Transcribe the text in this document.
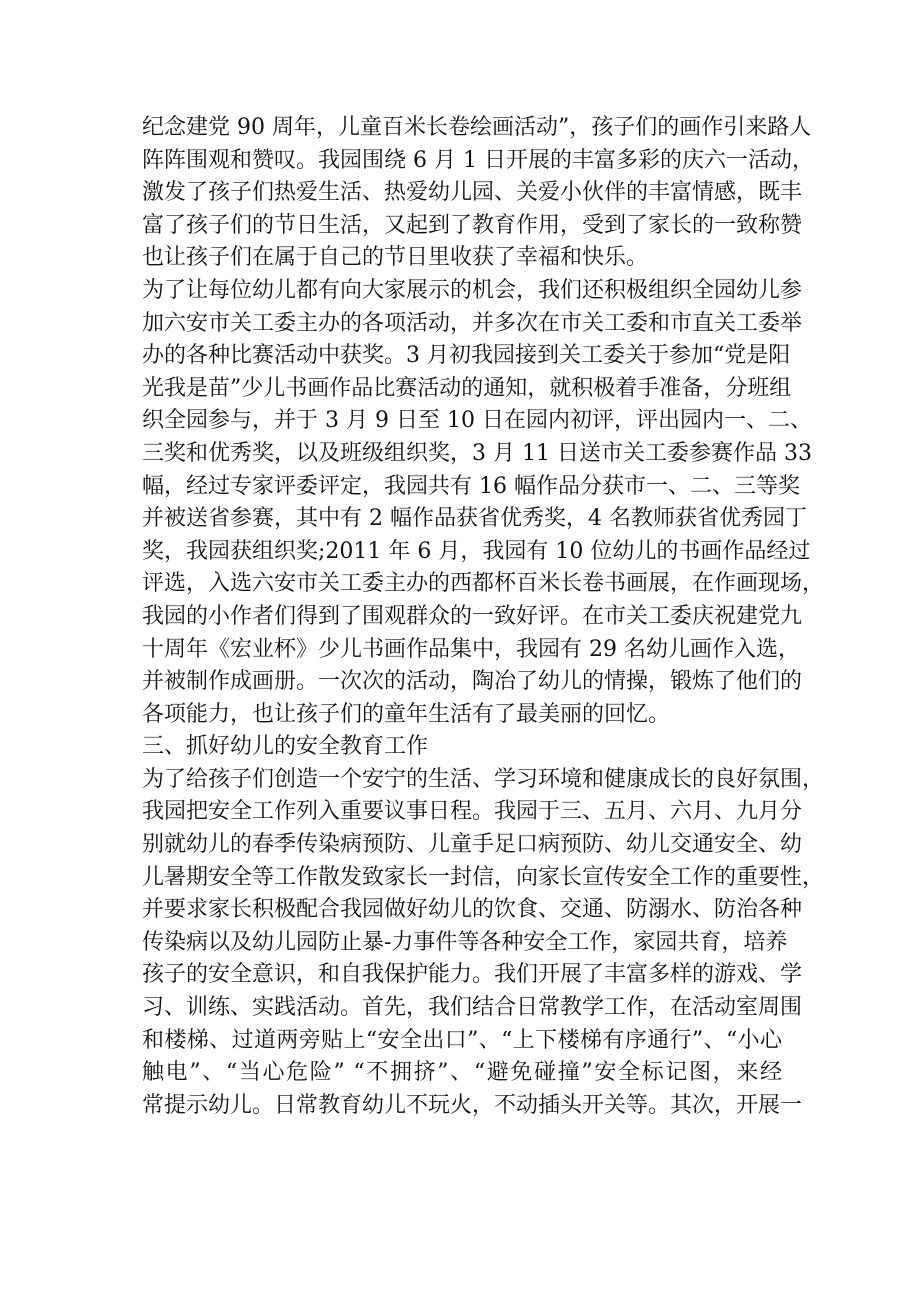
纪念建党 90 周年，儿童百米长卷绘画活动”，孩子们的画作引来路人
阵阵围观和赞叹。我园围绕 6 月 1 日开展的丰富多彩的庆六一活动，
激发了孩子们热爱生活、热爱幼儿园、关爱小伙伴的丰富情感，既丰
富了孩子们的节日生活，又起到了教育作用，受到了家长的一致称赞
也让孩子们在属于自己的节日里收获了幸福和快乐。
为了让每位幼儿都有向大家展示的机会，我们还积极组织全园幼儿参
加六安市关工委主办的各项活动，并多次在市关工委和市直关工委举
办的各种比赛活动中获奖。3 月初我园接到关工委关于参加“党是阳
光我是苗”少儿书画作品比赛活动的通知，就积极着手准备，分班组
织全园参与，并于 3 月 9 日至 10 日在园内初评，评出园内一、二、
三奖和优秀奖，以及班级组织奖，3 月 11 日送市关工委参赛作品 33
幅，经过专家评委评定，我园共有 16 幅作品分获市一、二、三等奖
并被送省参赛，其中有 2 幅作品获省优秀奖，4 名教师获省优秀园丁
奖，我园获组织奖;2011 年 6 月，我园有 10 位幼儿的书画作品经过
评选，入选六安市关工委主办的西都杯百米长卷书画展，在作画现场，
我园的小作者们得到了围观群众的一致好评。在市关工委庆祝建党九
十周年《宏业杯》少儿书画作品集中，我园有 29 名幼儿画作入选，
并被制作成画册。一次次的活动，陶冶了幼儿的情操，锻炼了他们的
各项能力，也让孩子们的童年生活有了最美丽的回忆。
三、抓好幼儿的安全教育工作
为了给孩子们创造一个安宁的生活、学习环境和健康成长的良好氛围，
我园把安全工作列入重要议事日程。我园于三、五月、六月、九月分
别就幼儿的春季传染病预防、儿童手足口病预防、幼儿交通安全、幼
儿暑期安全等工作散发致家长一封信，向家长宣传安全工作的重要性，
并要求家长积极配合我园做好幼儿的饮食、交通、防溺水、防治各种
传染病以及幼儿园防止暴-力事件等各种安全工作，家园共育，培养
孩子的安全意识，和自我保护能力。我们开展了丰富多样的游戏、学
习、训练、实践活动。首先，我们结合日常教学工作，在活动室周围
和楼梯、过道两旁贴上“安全出口”、“上下楼梯有序通行”、“小心
触电”、“当心危险” “不拥挤”、“避免碰撞”安全标记图，来经
常提示幼儿。日常教育幼儿不玩火，不动插头开关等。其次，开展一
